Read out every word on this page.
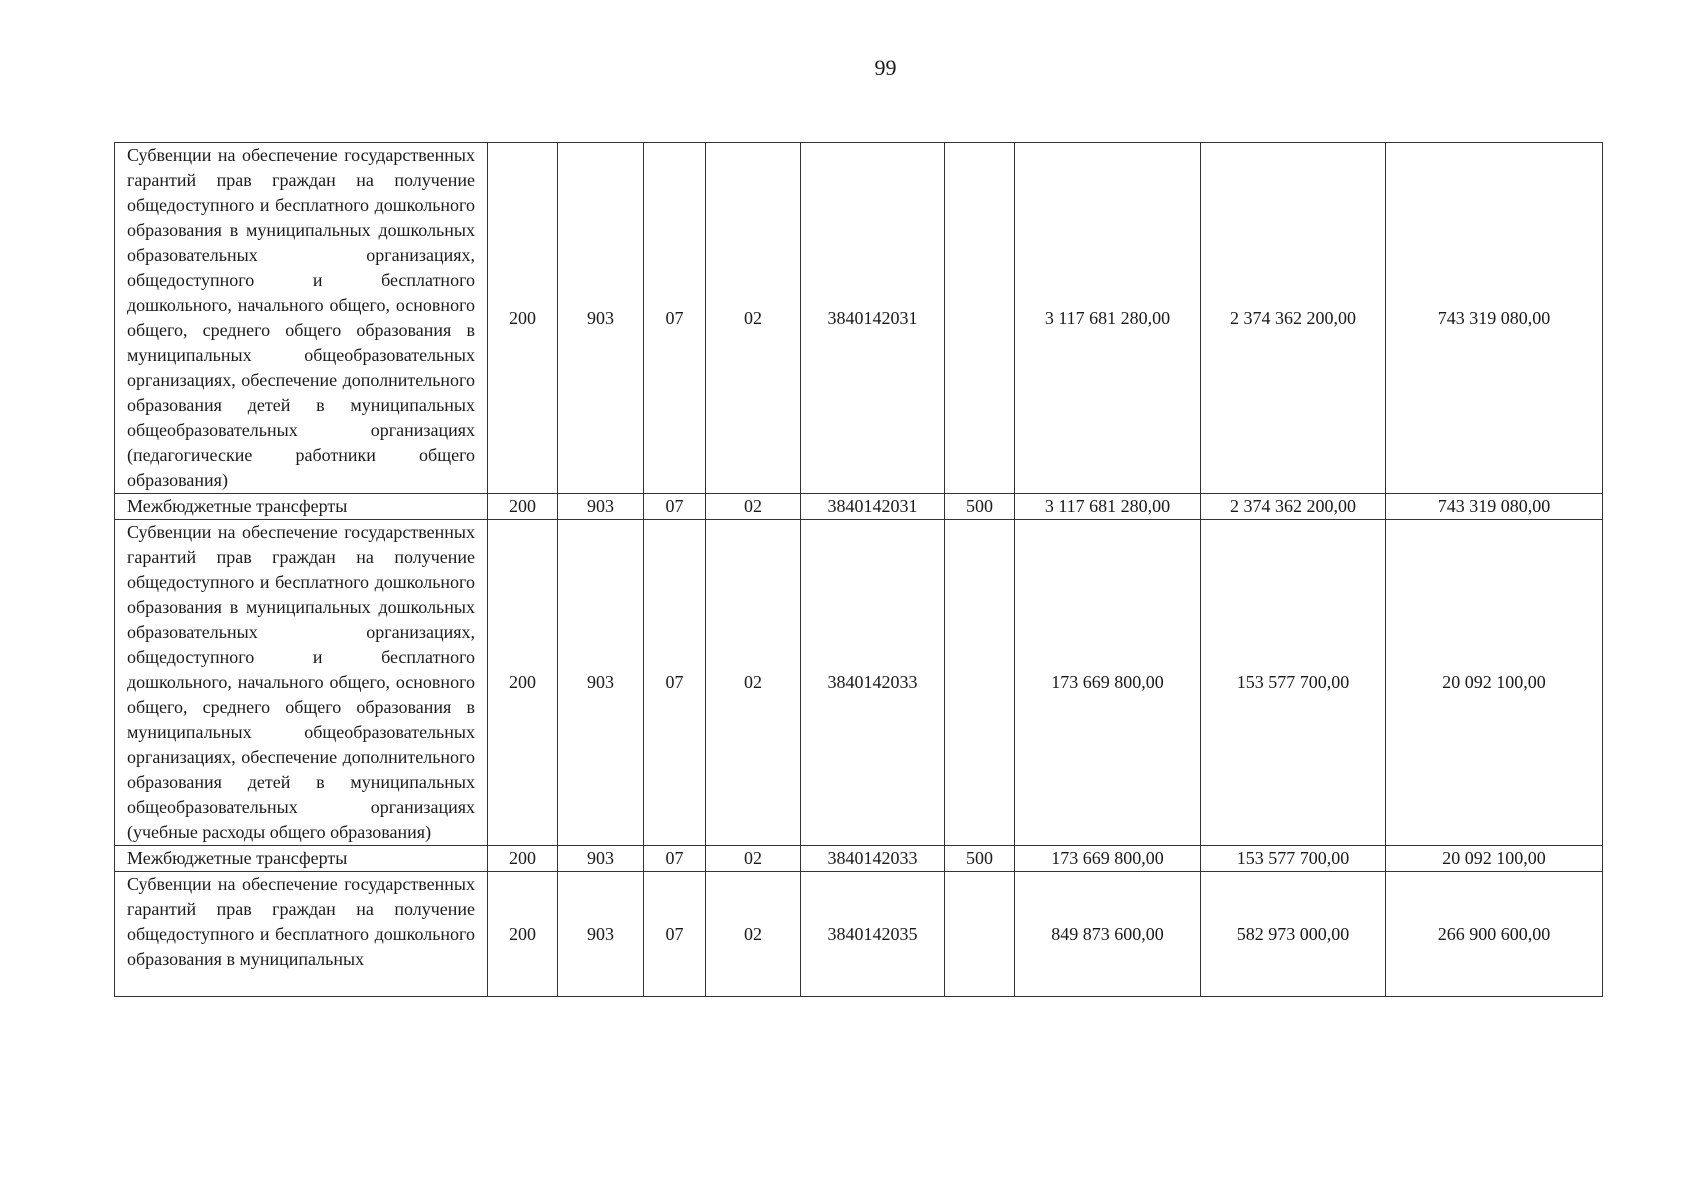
99
Субвенции на обеспечение государственных гарантий прав граждан на получение общедоступного и бесплатного дошкольного образования в муниципальных дошкольных образовательных организациях, общедоступного и бесплатного дошкольного, начального общего, основного общего, среднего общего образования в муниципальных общеобразовательных организациях, обеспечение дополнительного образования детей в муниципальных общеобразовательных организациях (педагогические работники общего образования)	200	903	07	02	3840142031		3 117 681 280,00	2 374 362 200,00	743 319 080,00
Межбюджетные трансферты	200	903	07	02	3840142031	500	3 117 681 280,00	2 374 362 200,00	743 319 080,00
Субвенции на обеспечение государственных гарантий прав граждан на получение общедоступного и бесплатного дошкольного образования в муниципальных дошкольных образовательных организациях, общедоступного и бесплатного дошкольного, начального общего, основного общего, среднего общего образования в муниципальных общеобразовательных организациях, обеспечение дополнительного образования детей в муниципальных общеобразовательных организациях (учебные расходы общего образования)	200	903	07	02	3840142033		173 669 800,00	153 577 700,00	20 092 100,00
Межбюджетные трансферты	200	903	07	02	3840142033	500	173 669 800,00	153 577 700,00	20 092 100,00

Субвенции на обеспечение государственных гарантий прав граждан на получение общедоступного и бесплатного дошкольного образования в муниципальных	200	903	07	02	3840142035		849 873 600,00	582 973 000,00	266 900 600,00
